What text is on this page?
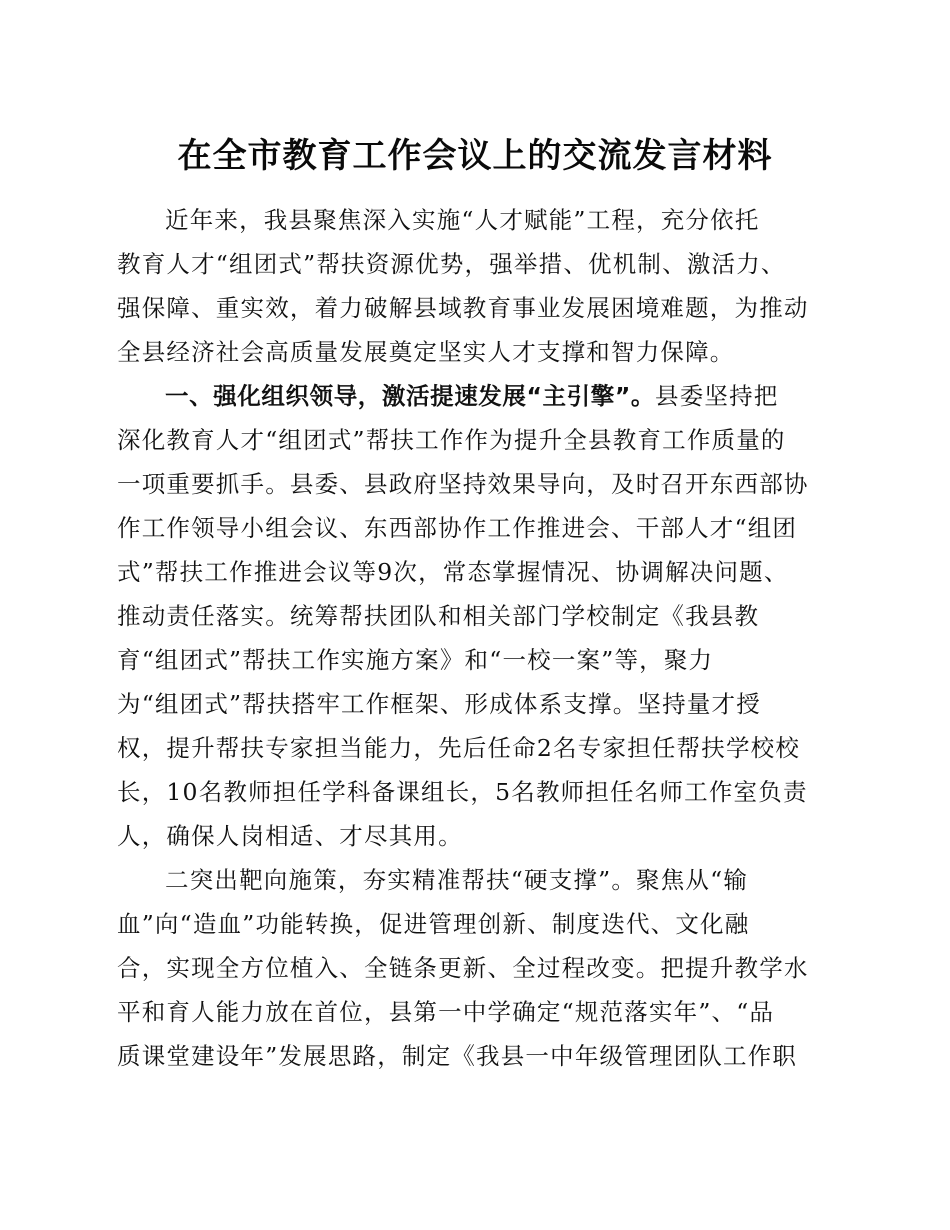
在全市教育工作会议上的交流发言材料
近年来，我县聚焦深入实施“人才赋能”工程，充分依托
教育人才“组团式”帮扶资源优势，强举措、优机制、激活力、
强保障、重实效，着力破解县域教育事业发展困境难题，为推动
全县经济社会高质量发展奠定坚实人才支撑和智力保障。
一、强化组织领导，激活提速发展“主引擎”。县委坚持把
深化教育人才“组团式”帮扶工作作为提升全县教育工作质量的
一项重要抓手。县委、县政府坚持效果导向，及时召开东西部协
作工作领导小组会议、东西部协作工作推进会、干部人才“组团
式”帮扶工作推进会议等9次，常态掌握情况、协调解决问题、
推动责任落实。统筹帮扶团队和相关部门学校制定《我县教
育“组团式”帮扶工作实施方案》和“一校一案”等，聚力
为“组团式”帮扶搭牢工作框架、形成体系支撑。坚持量才授
权，提升帮扶专家担当能力，先后任命2名专家担任帮扶学校校
长，10名教师担任学科备课组长，5名教师担任名师工作室负责
人，确保人岗相适、才尽其用。
二突出靶向施策，夯实精准帮扶“硬支撑”。聚焦从“输
血”向“造血”功能转换，促进管理创新、制度迭代、文化融
合，实现全方位植入、全链条更新、全过程改变。把提升教学水
平和育人能力放在首位，县第一中学确定“规范落实年”、“品
质课堂建设年”发展思路，制定《我县一中年级管理团队工作职
